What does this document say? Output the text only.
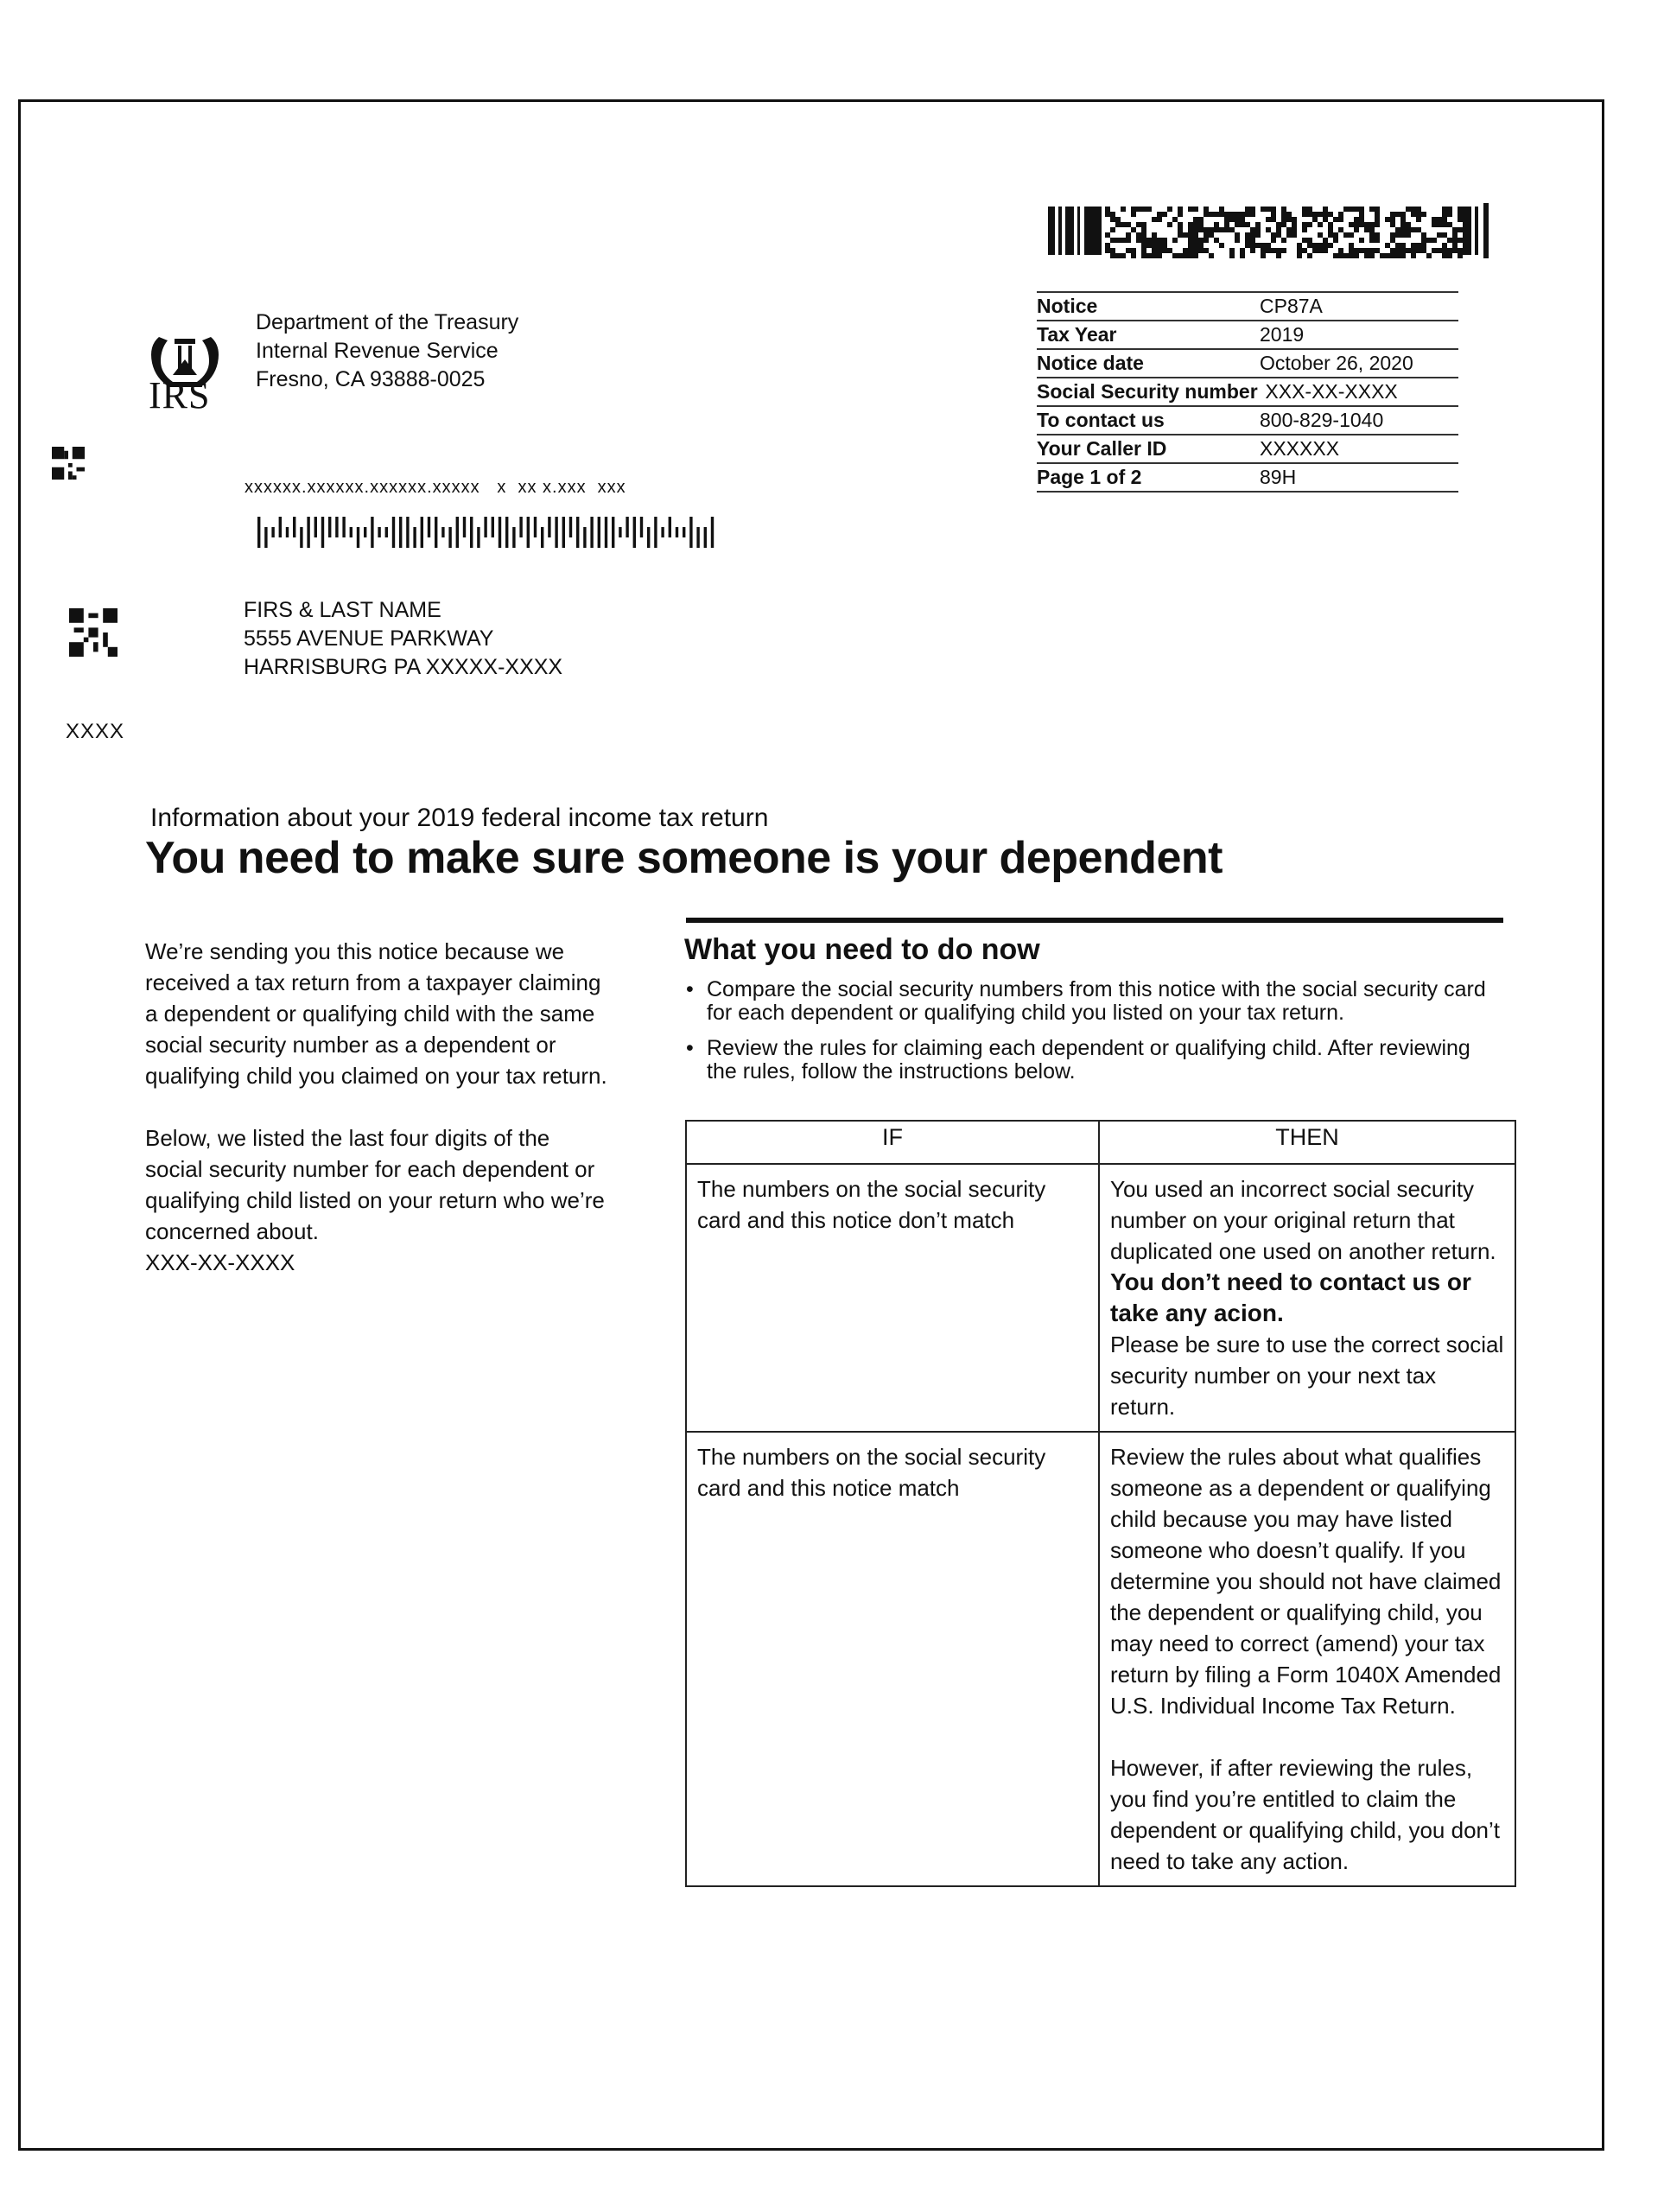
Notice	CP87A
Tax Year	2019
Notice date	October 26, 2020
Social Security number XXX-XX-XXXX
To contact us	800-829-1040
Your Caller ID	XXXXXX
Page 1 of 2	89H
IRS
Department of the Treasury
Internal Revenue Service
Fresno, CA 93888-0025
xxxxxx.xxxxxx.xxxxxx.xxxxx   x  xx x.xxx  xxx
FIRS & LAST NAME
5555 AVENUE PARKWAY
HARRISBURG PA XXXXX-XXXX
XXXX
Information about your 2019 federal income tax return
You need to make sure someone is your dependent

We’re sending you this notice because we received a tax return from a taxpayer claiming a dependent or qualifying child with the same social security number as a dependent or qualifying child you claimed on your tax return.

Below, we listed the last four digits of the social security number for each dependent or qualifying child listed on your return who we’re concerned about.

XXX-XX-XXXX
What you need to do now
• Compare the social security numbers from this notice with the social security card for each dependent or qualifying child you listed on your tax return.
• Review the rules for claiming each dependent or qualifying child. After reviewing the rules, follow the instructions below.
IF	THEN
The numbers on the social security card and this notice don’t match	You used an incorrect social security number on your original return that duplicated one used on another return.
You don’t need to contact us or take any acion.
Please be sure to use the correct social security number on your next tax return.

The numbers on the social security card and this notice match	Review the rules about what qualifies someone as a dependent or qualifying child because you may have listed someone who doesn’t qualify. If you determine you should not have claimed the dependent or qualifying child, you may need to correct (amend) your tax return by filing a Form 1040X Amended U.S. Individual Income Tax Return.
However, if after reviewing the rules, you find you’re entitled to claim the dependent or qualifying child, you don’t need to take any action.
